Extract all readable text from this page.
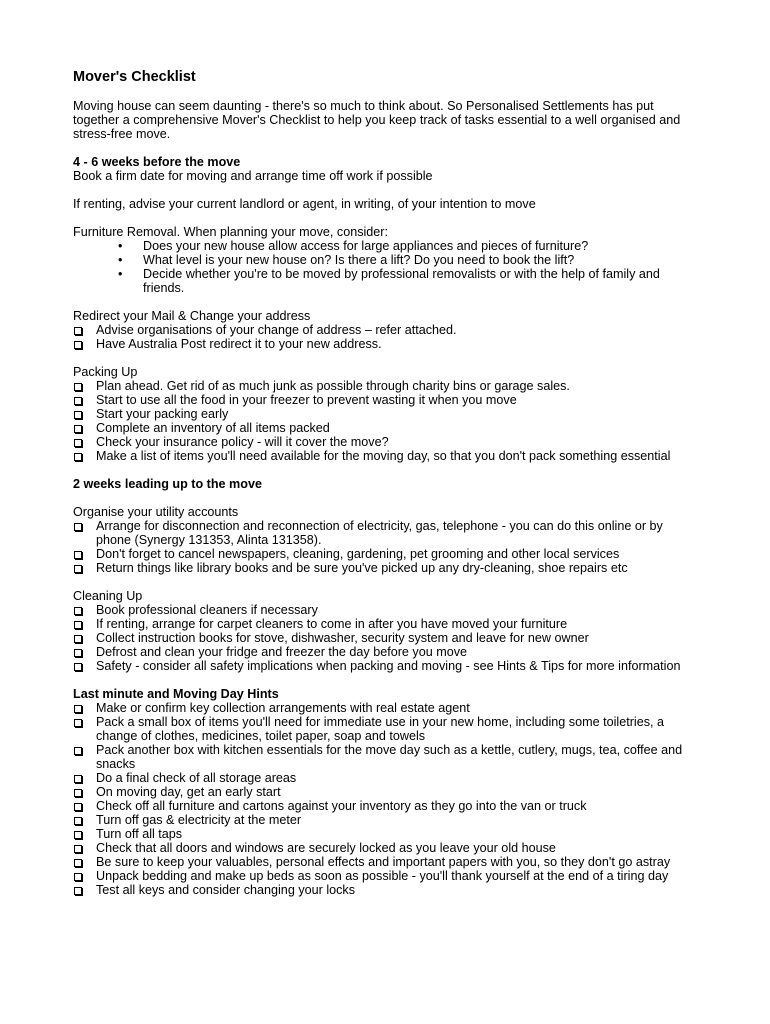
Mover's Checklist

Moving house can seem daunting - there's so much to think about. So Personalised Settlements has put together a comprehensive Mover's Checklist to help you keep track of tasks essential to a well organised and stress-free move.

4 - 6 weeks before the move

Book a firm date for moving and arrange time off work if possible

If renting, advise your current landlord or agent, in writing, of your intention to move

Furniture Removal. When planning your move, consider:

• Does your new house allow access for large appliances and pieces of furniture?
• What level is your new house on? Is there a lift? Do you need to book the lift?
• Decide whether you're to be moved by professional removalists or with the help of family and friends.

Redirect your Mail & Change your address

Advise organisations of your change of address – refer attached.
Have Australia Post redirect it to your new address.

Packing Up

Plan ahead. Get rid of as much junk as possible through charity bins or garage sales.
Start to use all the food in your freezer to prevent wasting it when you move
Start your packing early
Complete an inventory of all items packed
Check your insurance policy - will it cover the move?
Make a list of items you'll need available for the moving day, so that you don't pack something essential

2 weeks leading up to the move

Organise your utility accounts

Arrange for disconnection and reconnection of electricity, gas, telephone - you can do this online or by phone (Synergy 131353, Alinta 131358).
Don't forget to cancel newspapers, cleaning, gardening, pet grooming and other local services
Return things like library books and be sure you've picked up any dry-cleaning, shoe repairs etc

Cleaning Up

Book professional cleaners if necessary
If renting, arrange for carpet cleaners to come in after you have moved your furniture
Collect instruction books for stove, dishwasher, security system and leave for new owner
Defrost and clean your fridge and freezer the day before you move
Safety - consider all safety implications when packing and moving - see Hints & Tips for more information

Last minute and Moving Day Hints

Make or confirm key collection arrangements with real estate agent
Pack a small box of items you'll need for immediate use in your new home, including some toiletries, a change of clothes, medicines, toilet paper, soap and towels
Pack another box with kitchen essentials for the move day such as a kettle, cutlery, mugs, tea, coffee and snacks
Do a final check of all storage areas
On moving day, get an early start
Check off all furniture and cartons against your inventory as they go into the van or truck
Turn off gas & electricity at the meter
Turn off all taps
Check that all doors and windows are securely locked as you leave your old house
Be sure to keep your valuables, personal effects and important papers with you, so they don't go astray
Unpack bedding and make up beds as soon as possible - you'll thank yourself at the end of a tiring day
Test all keys and consider changing your locks
